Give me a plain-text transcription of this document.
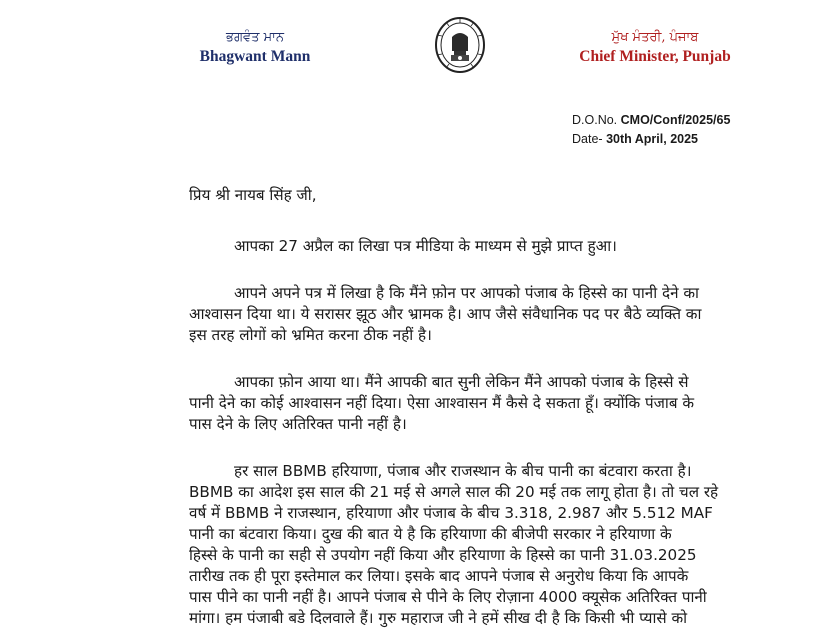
ਭਗਵੰਤ ਮਾਨ
Bhagwant Mann
ਮੁੱਖ ਮੰਤਰੀ, ਪੰਜਾਬ
Chief Minister, Punjab
D.O.No. CMO/Conf/2025/65
Date- 30th April, 2025
प्रिय श्री नायब सिंह जी,
आपका 27 अप्रैल का लिखा पत्र मीडिया के माध्यम से मुझे प्राप्त हुआ।
आपने अपने पत्र में लिखा है कि मैंने फ़ोन पर आपको पंजाब के हिस्से का पानी देने का
आश्वासन दिया था। ये सरासर झूठ और भ्रामक है। आप जैसे संवैधानिक पद पर बैठे व्यक्ति का
इस तरह लोगों को भ्रमित करना ठीक नहीं है।
आपका फ़ोन आया था। मैंने आपकी बात सुनी लेकिन मैंने आपको पंजाब के हिस्से से
पानी देने का कोई आश्वासन नहीं दिया। ऐसा आश्वासन मैं कैसे दे सकता हूँ। क्योंकि पंजाब के
पास देने के लिए अतिरिक्त पानी नहीं है।
हर साल BBMB हरियाणा, पंजाब और राजस्थान के बीच पानी का बंटवारा करता है।
BBMB का आदेश इस साल की 21 मई से अगले साल की 20 मई तक लागू होता है। तो चल रहे
वर्ष में BBMB ने राजस्थान, हरियाणा और पंजाब के बीच 3.318, 2.987 और 5.512 MAF
पानी का बंटवारा किया। दुख की बात ये है कि हरियाणा की बीजेपी सरकार ने हरियाणा के
हिस्से के पानी का सही से उपयोग नहीं किया और हरियाणा के हिस्से का पानी 31.03.2025
तारीख तक ही पूरा इस्तेमाल कर लिया। इसके बाद आपने पंजाब से अनुरोध किया कि आपके
पास पीने का पानी नहीं है। आपने पंजाब से पीने के लिए रोज़ाना 4000 क्यूसेक अतिरिक्त पानी
मांगा। हम पंजाबी बडे दिलवाले हैं। गुरु महाराज जी ने हमें सीख दी है कि किसी भी प्यासे को
